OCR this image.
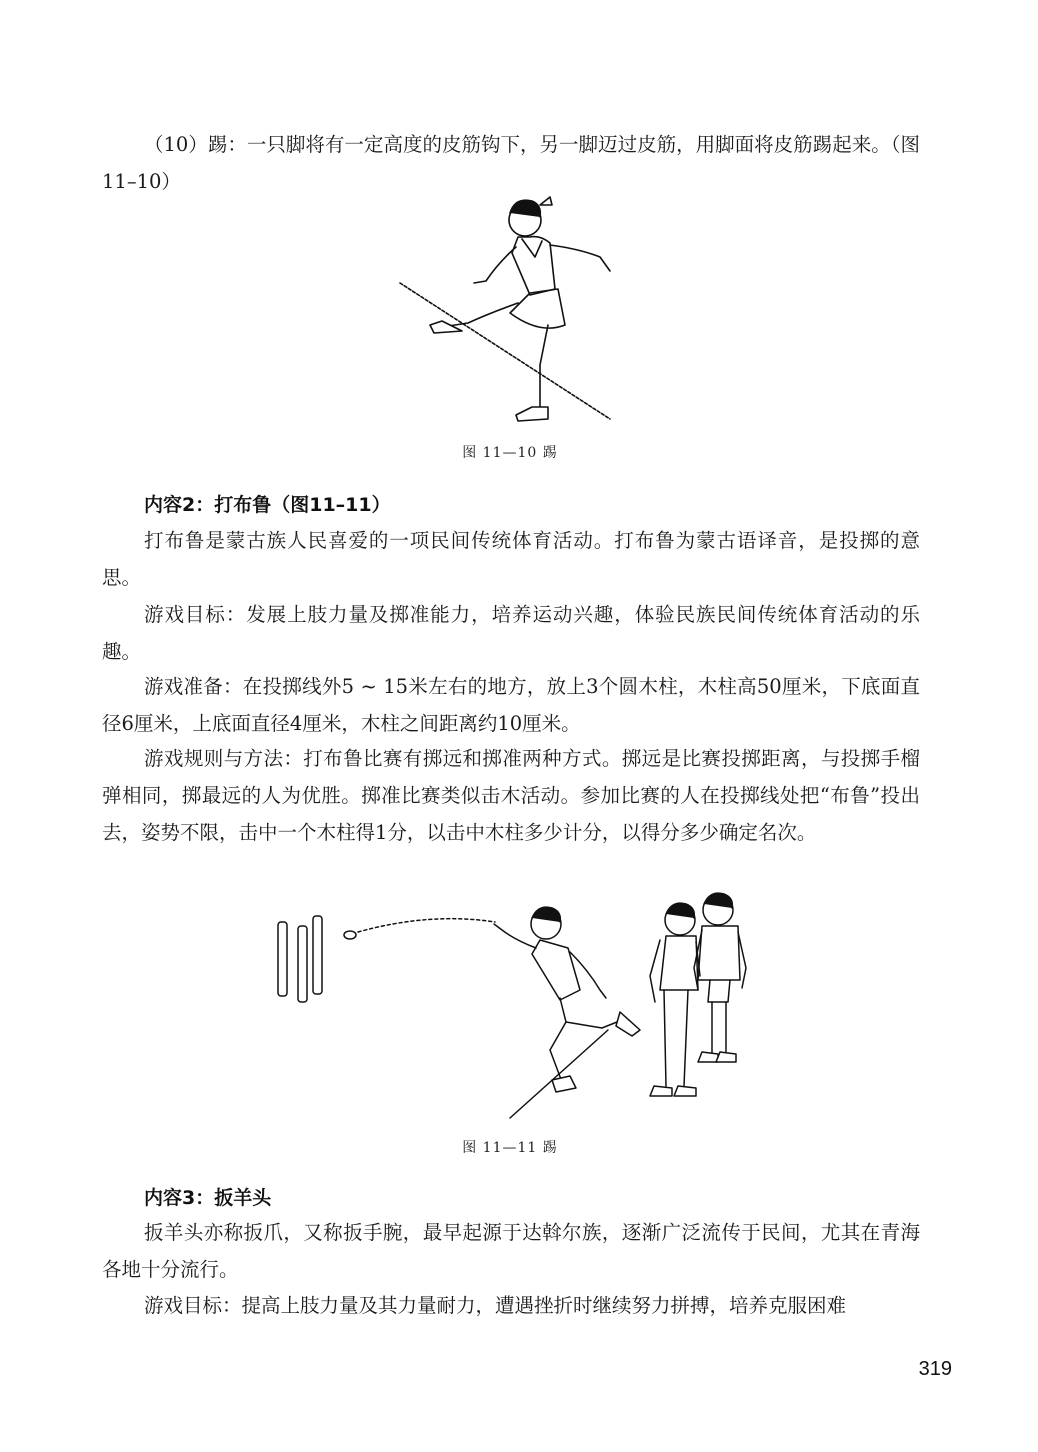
（10）踢：一只脚将有一定高度的皮筋钩下，另一脚迈过皮筋，用脚面将皮筋踢起来。（图11–10）

图 11—10 踢
内容2：打布鲁（图11–11）

打布鲁是蒙古族人民喜爱的一项民间传统体育活动。打布鲁为蒙古语译音，是投掷的意思。

游戏目标：发展上肢力量及掷准能力，培养运动兴趣，体验民族民间传统体育活动的乐趣。

游戏准备：在投掷线外5 ~ 15米左右的地方，放上3个圆木柱，木柱高50厘米，下底面直径6厘米，上底面直径4厘米，木柱之间距离约10厘米。

游戏规则与方法：打布鲁比赛有掷远和掷准两种方式。掷远是比赛投掷距离，与投掷手榴弹相同，掷最远的人为优胜。掷准比赛类似击木活动。参加比赛的人在投掷线处把“布鲁”投出去，姿势不限，击中一个木柱得1分，以击中木柱多少计分，以得分多少确定名次。

图 11—11 踢
内容3：扳羊头

扳羊头亦称扳爪，又称扳手腕，最早起源于达斡尔族，逐渐广泛流传于民间，尤其在青海各地十分流行。

游戏目标：提高上肢力量及其力量耐力，遭遇挫折时继续努力拼搏，培养克服困难

319
